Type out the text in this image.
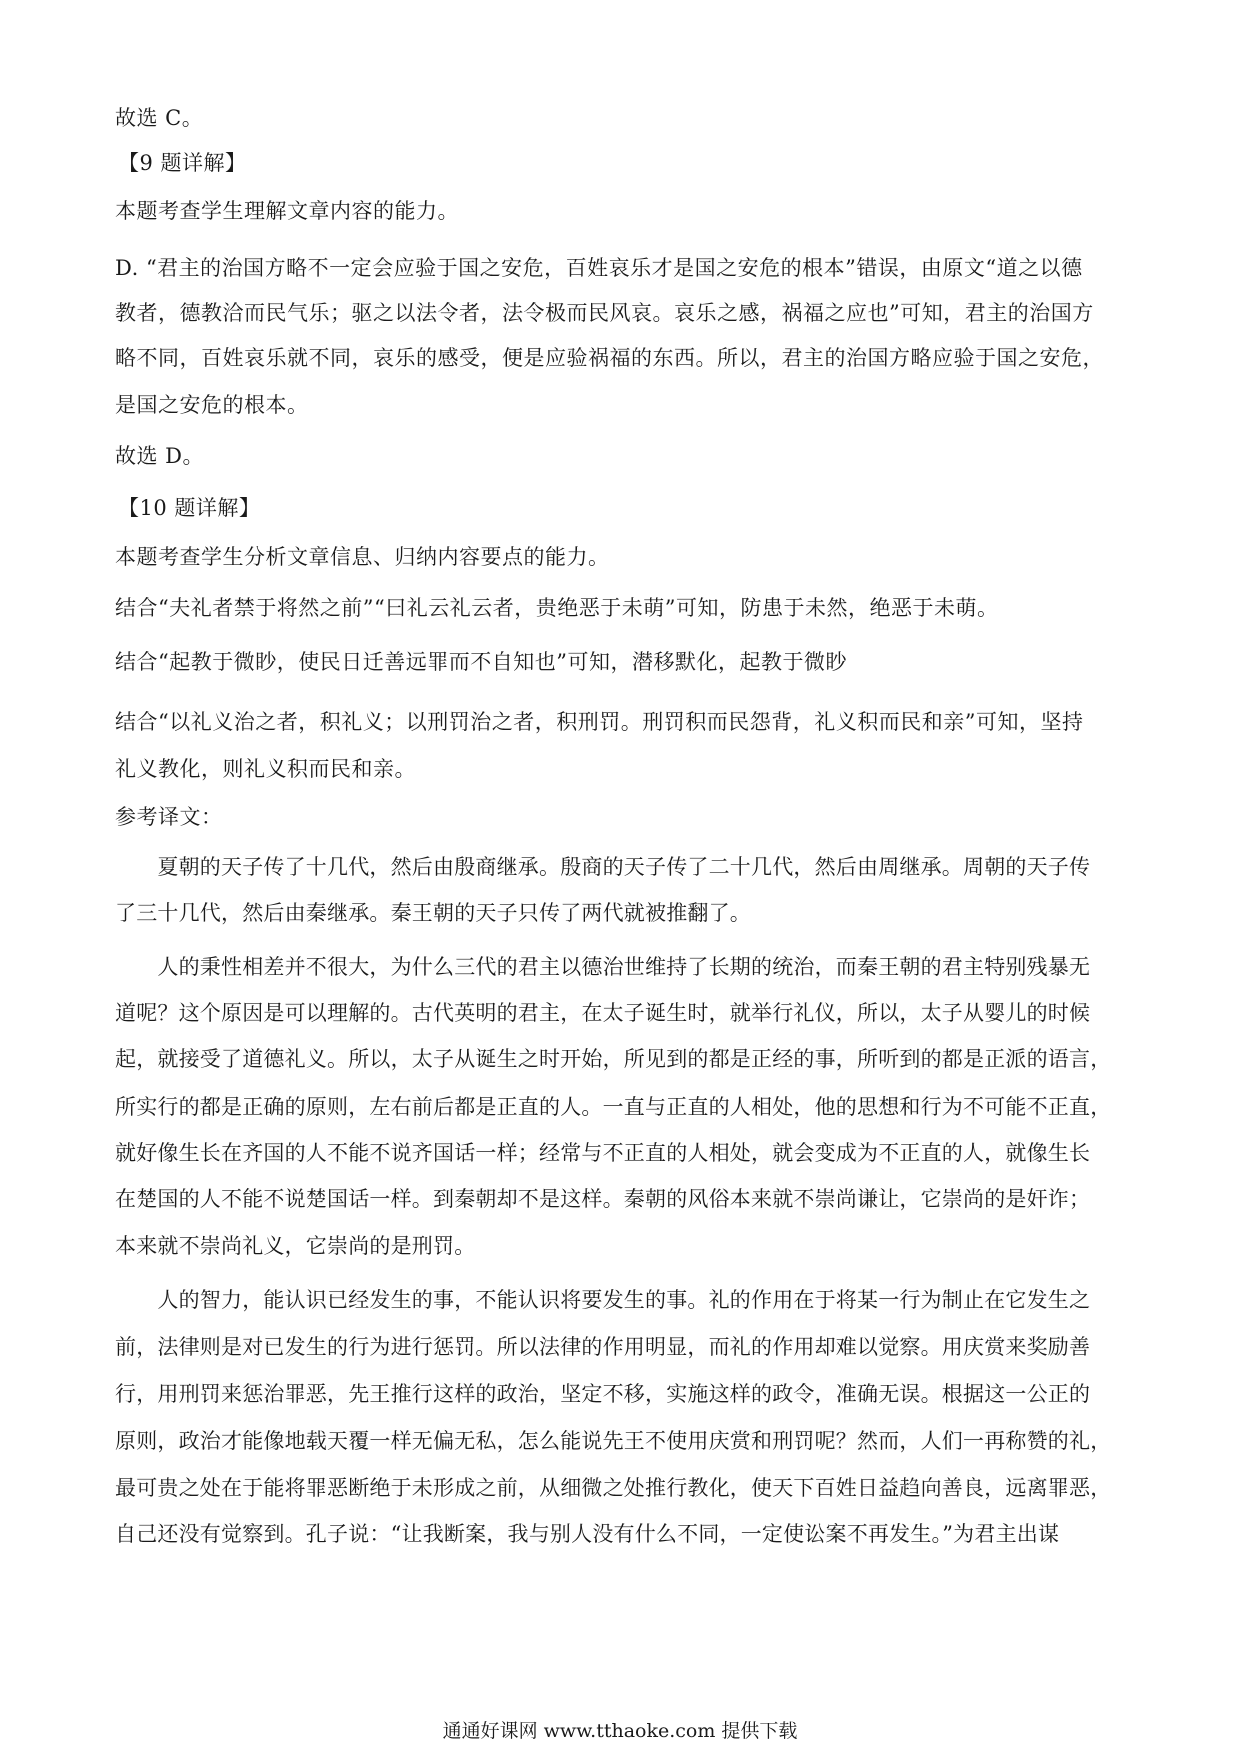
故选 C。
【9 题详解】
本题考查学生理解文章内容的能力。
D. “君主的治国方略不一定会应验于国之安危，百姓哀乐才是国之安危的根本”错误，由原文“道之以德
教者，德教洽而民气乐；驱之以法令者，法令极而民风哀。哀乐之感，祸福之应也”可知，君主的治国方
略不同，百姓哀乐就不同，哀乐的感受，便是应验祸福的东西。所以，君主的治国方略应验于国之安危，
是国之安危的根本。
故选 D。
【10 题详解】
本题考查学生分析文章信息、归纳内容要点的能力。
结合“夫礼者禁于将然之前”“曰礼云礼云者，贵绝恶于未萌”可知，防患于未然，绝恶于未萌。
结合“起教于微眇，使民日迁善远罪而不自知也”可知，潜移默化，起教于微眇
结合“以礼义治之者，积礼义；以刑罚治之者，积刑罚。刑罚积而民怨背，礼义积而民和亲”可知，坚持
礼义教化，则礼义积而民和亲。
参考译文：
　　夏朝的天子传了十几代，然后由殷商继承。殷商的天子传了二十几代，然后由周继承。周朝的天子传
了三十几代，然后由秦继承。秦王朝的天子只传了两代就被推翻了。
　　人的秉性相差并不很大，为什么三代的君主以德治世维持了长期的统治，而秦王朝的君主特别残暴无
道呢？这个原因是可以理解的。古代英明的君主，在太子诞生时，就举行礼仪，所以，太子从婴儿的时候
起，就接受了道德礼义。所以，太子从诞生之时开始，所见到的都是正经的事，所听到的都是正派的语言，
所实行的都是正确的原则，左右前后都是正直的人。一直与正直的人相处，他的思想和行为不可能不正直，
就好像生长在齐国的人不能不说齐国话一样；经常与不正直的人相处，就会变成为不正直的人，就像生长
在楚国的人不能不说楚国话一样。到秦朝却不是这样。秦朝的风俗本来就不崇尚谦让，它崇尚的是奸诈；
本来就不崇尚礼义，它崇尚的是刑罚。
　　人的智力，能认识已经发生的事，不能认识将要发生的事。礼的作用在于将某一行为制止在它发生之
前，法律则是对已发生的行为进行惩罚。所以法律的作用明显，而礼的作用却难以觉察。用庆赏来奖励善
行，用刑罚来惩治罪恶，先王推行这样的政治，坚定不移，实施这样的政令，准确无误。根据这一公正的
原则，政治才能像地载天覆一样无偏无私，怎么能说先王不使用庆赏和刑罚呢？然而，人们一再称赞的礼，
最可贵之处在于能将罪恶断绝于未形成之前，从细微之处推行教化，使天下百姓日益趋向善良，远离罪恶，
自己还没有觉察到。孔子说：“让我断案，我与别人没有什么不同，一定使讼案不再发生。”为君主出谋
通通好课网 www.tthaoke.com 提供下载
